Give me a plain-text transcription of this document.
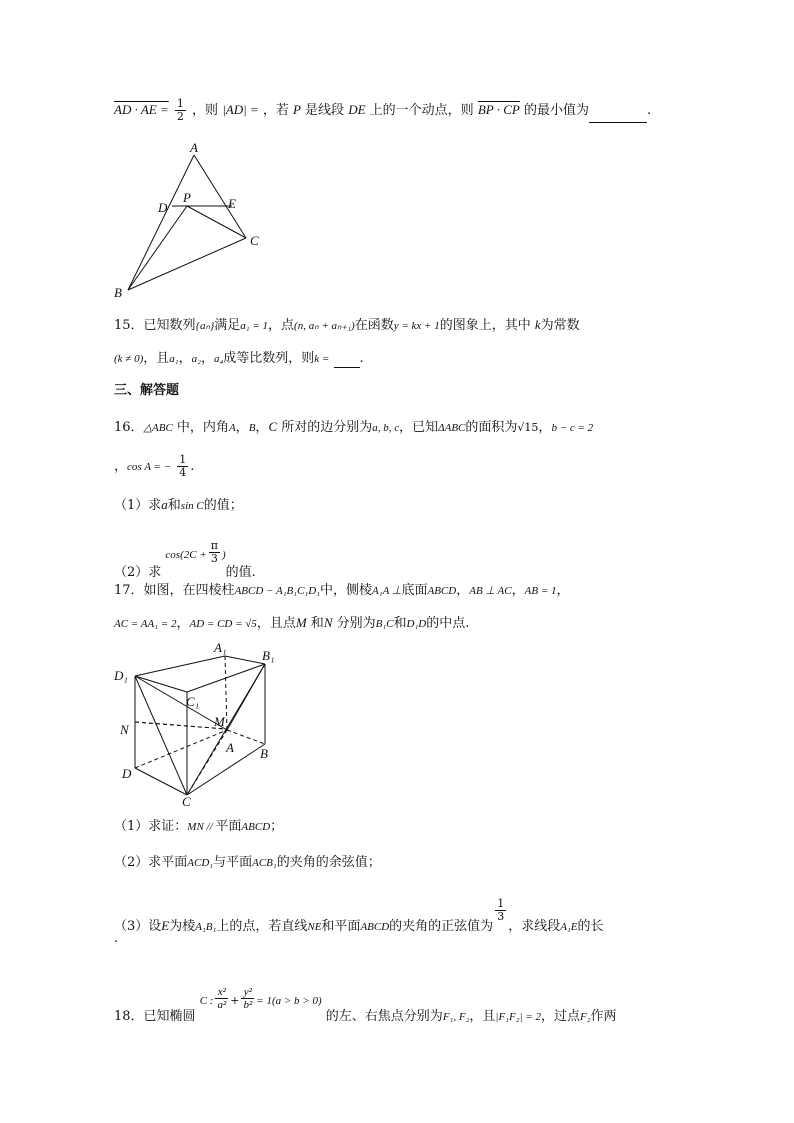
AD · AE = $\frac{1}{2}$ ，则 |AD| = ，若 P 是线段 DE 上的一个动点，则 BP · CP 的最小值为	.
A
D
P	E
C
B
15．已知数列{aₙ}满足a₁ = 1，点(n, aₙ + aₙ₊₁)在函数y = kx + 1的图象上，其中 k为常数
(k ≠ 0)，且a₁，a₂，a₄成等比数列，则k = .
三、解答题
16．△ABC 中，内角A，B，C 所对的边分别为a, b, c，已知ΔABC的面积为√15，b − c = 2
，cos A = − $\frac{1}{4}$ .
（1）求a和sin C的值；
（2）求 $^{cos(2C +} \frac{\pi}{3} ^)$的值.
17．如图，在四棱柱ABCD − A₁B₁C₁D₁中，侧棱A₁A ⊥底面ABCD，AB ⊥ AC，AB = 1，
AC = AA₁ = 2，AD = CD = √5，且点M 和N 分别为B₁C和D₁D的中点.
D₁
A₁
B₁
C₁
M
N
A B
D
C
（1）求证：MN // 平面ABCD；
（2）求平面ACD₁与平面ACB₁的夹角的余弦值；
（3）设E为棱A₁B₁上的点，若直线NE和平面ABCD的夹角的正弦值为
$\frac{1}{3}$
，求线段A₁E的长
.
18．已知椭圆 $^{C :} \frac{\text{x²}}{\text{a²}} ^+ \frac{\text{y²}}{\text{b²}} ^{= 1(a > b > 0)}$ 的左、右焦点分别为F₁, F₂，且|F₁F₂| = 2，过点F₂作两
